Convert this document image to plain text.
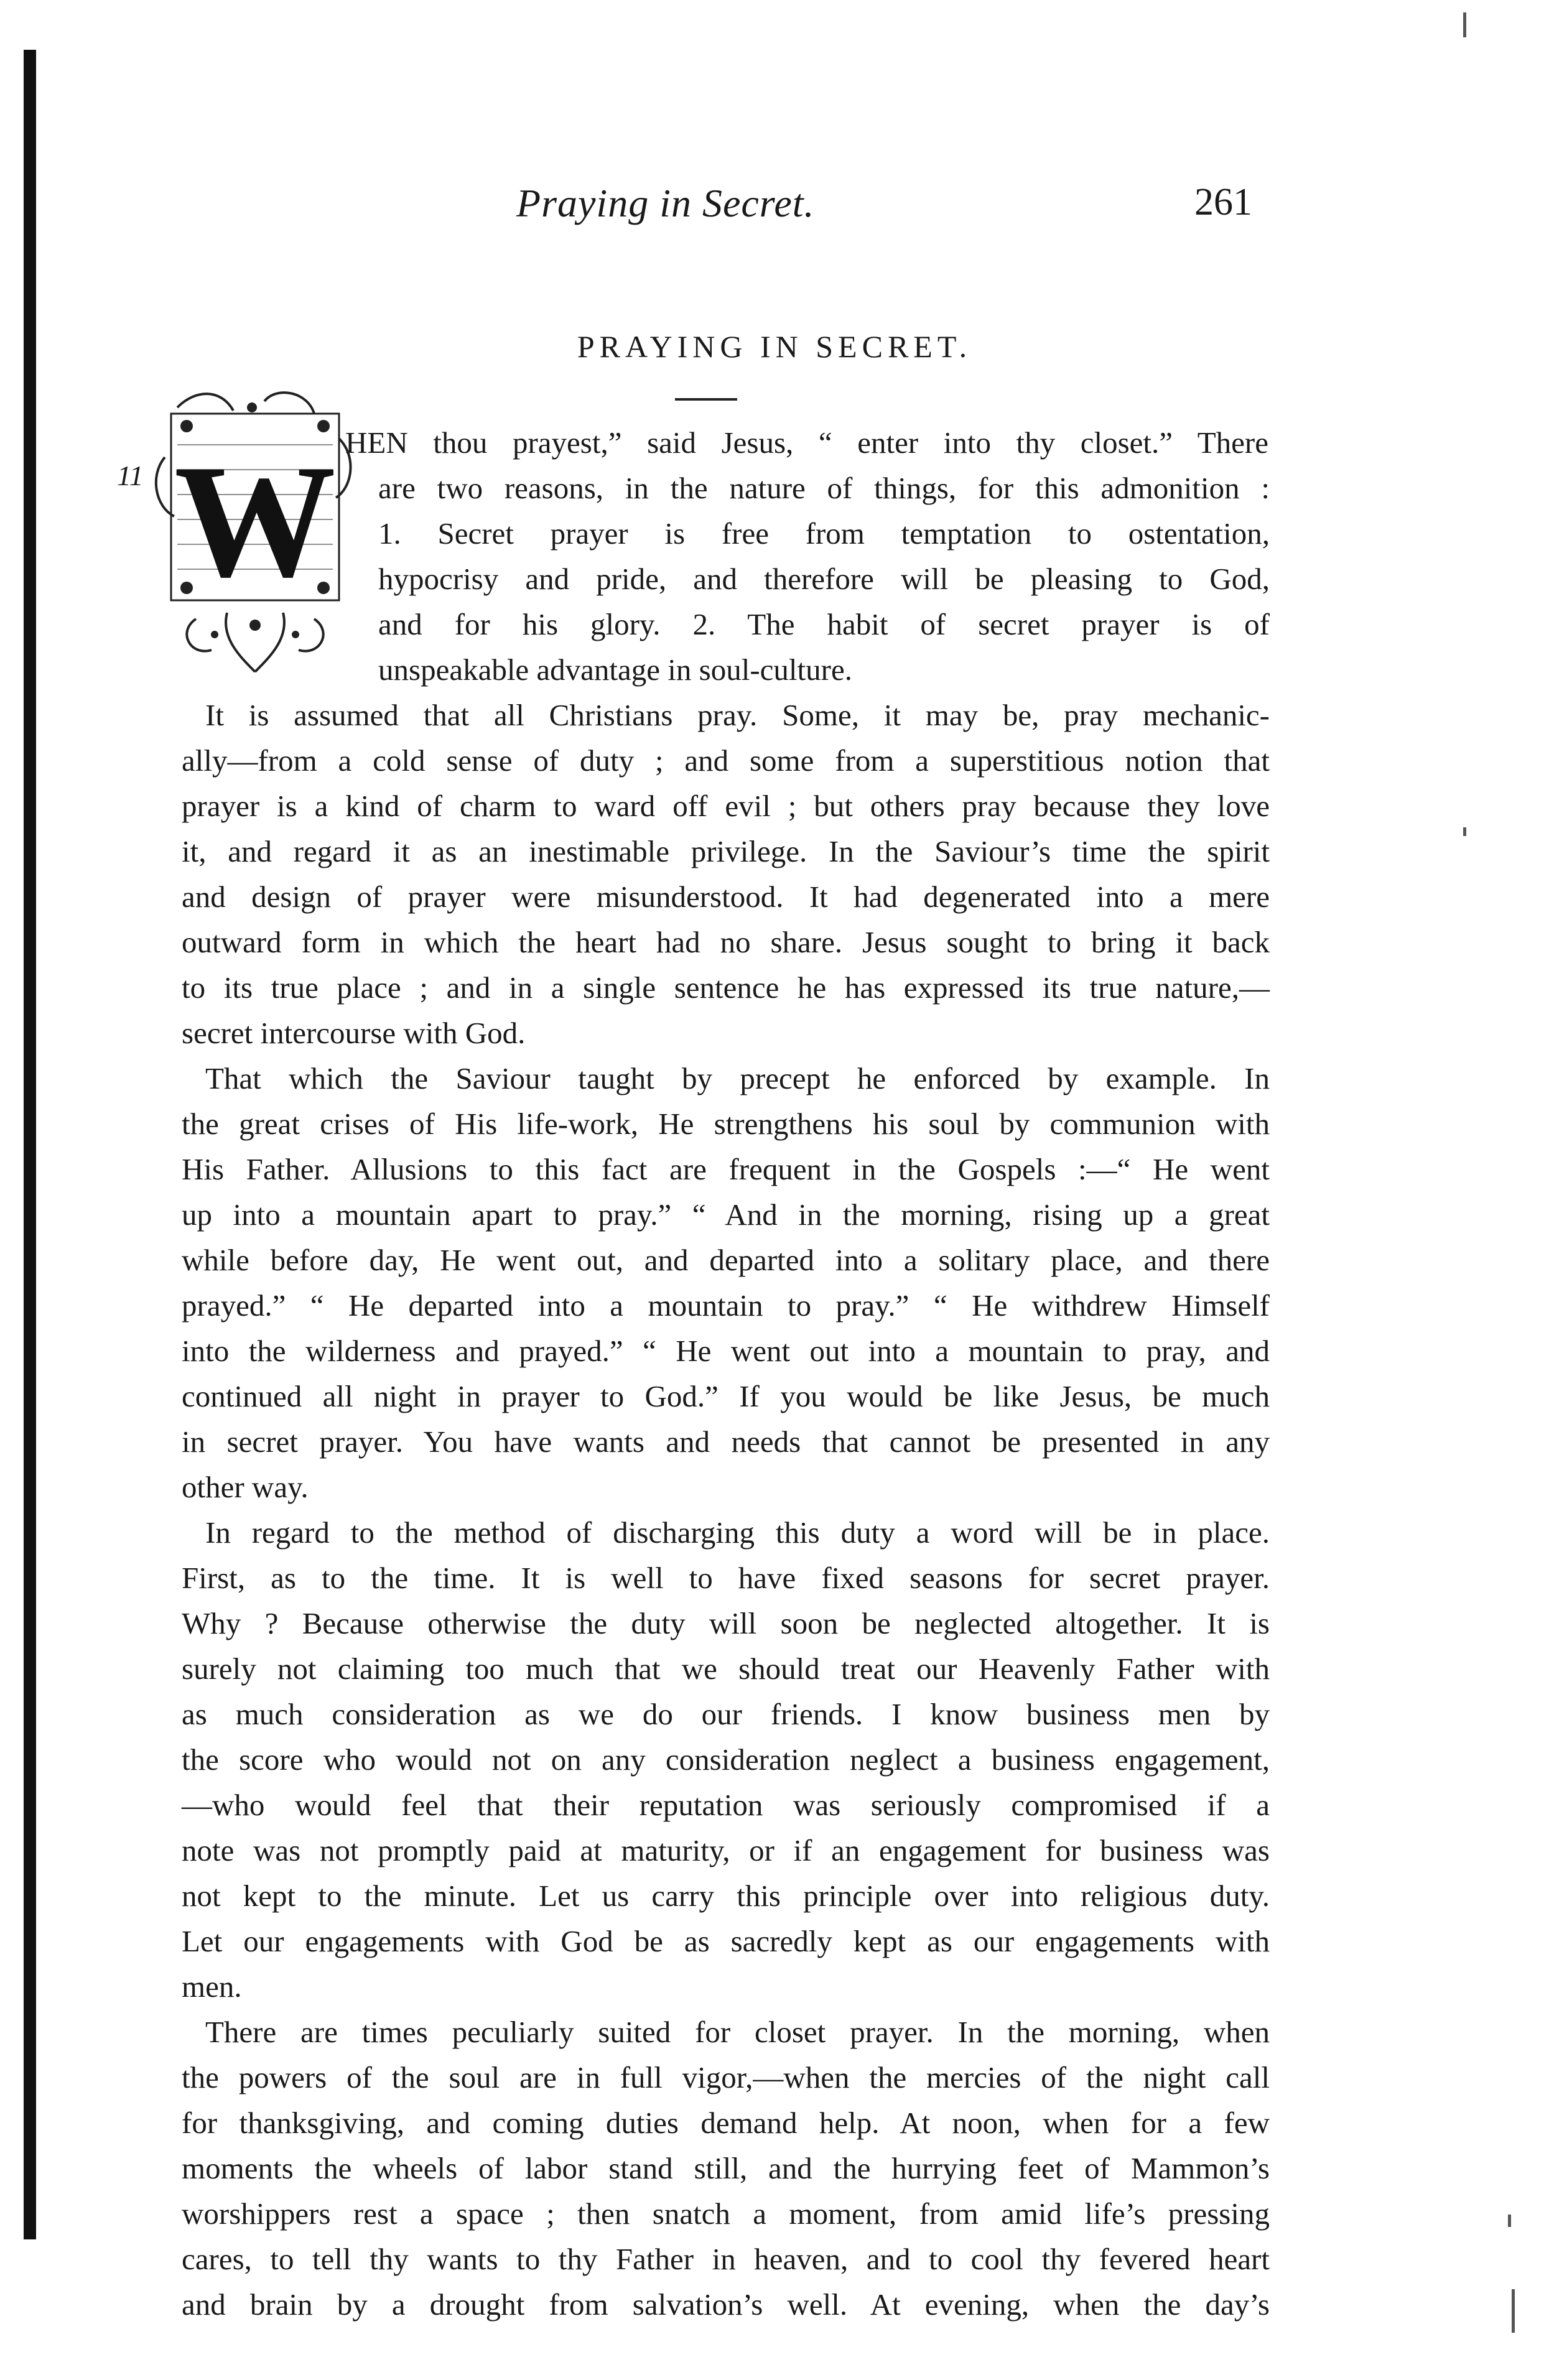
Praying in Secret.	261
PRAYING IN SECRET.
11 W HEN thou prayest,” said Jesus, “ enter into thy closet.” There
are two reasons, in the nature of things, for this admonition :
1. Secret prayer is free from temptation to ostentation,
hypocrisy and pride, and therefore will be pleasing to God,
and for his glory. 2. The habit of secret prayer is of
unspeakable advantage in soul-culture.
It is assumed that all Christians pray. Some, it may be, pray mechanic-
ally—from a cold sense of duty ; and some from a superstitious notion that
prayer is a kind of charm to ward off evil ; but others pray because they love
it, and regard it as an inestimable privilege. In the Saviour’s time the spirit
and design of prayer were misunderstood. It had degenerated into a mere
outward form in which the heart had no share. Jesus sought to bring it back
to its true place ; and in a single sentence he has expressed its true nature,—
secret intercourse with God.
That which the Saviour taught by precept he enforced by example. In
the great crises of His life-work, He strengthens his soul by communion with
His Father. Allusions to this fact are frequent in the Gospels :—“ He went
up into a mountain apart to pray.” “ And in the morning, rising up a great
while before day, He went out, and departed into a solitary place, and there
prayed.” “ He departed into a mountain to pray.” “ He withdrew Himself
into the wilderness and prayed.” “ He went out into a mountain to pray, and
continued all night in prayer to God.” If you would be like Jesus, be much
in secret prayer. You have wants and needs that cannot be presented in any
other way.
In regard to the method of discharging this duty a word will be in place.
First, as to the time. It is well to have fixed seasons for secret prayer.
Why ? Because otherwise the duty will soon be neglected altogether. It is
surely not claiming too much that we should treat our Heavenly Father with
as much consideration as we do our friends. I know business men by
the score who would not on any consideration neglect a business engagement,
—who would feel that their reputation was seriously compromised if a
note was not promptly paid at maturity, or if an engagement for business was
not kept to the minute. Let us carry this principle over into religious duty.
Let our engagements with God be as sacredly kept as our engagements with
men.
There are times peculiarly suited for closet prayer. In the morning, when
the powers of the soul are in full vigor,—when the mercies of the night call
for thanksgiving, and coming duties demand help. At noon, when for a few
moments the wheels of labor stand still, and the hurrying feet of Mammon’s
worshippers rest a space ; then snatch a moment, from amid life’s pressing
cares, to tell thy wants to thy Father in heaven, and to cool thy fevered heart
and brain by a drought from salvation’s well. At evening, when the day’s
